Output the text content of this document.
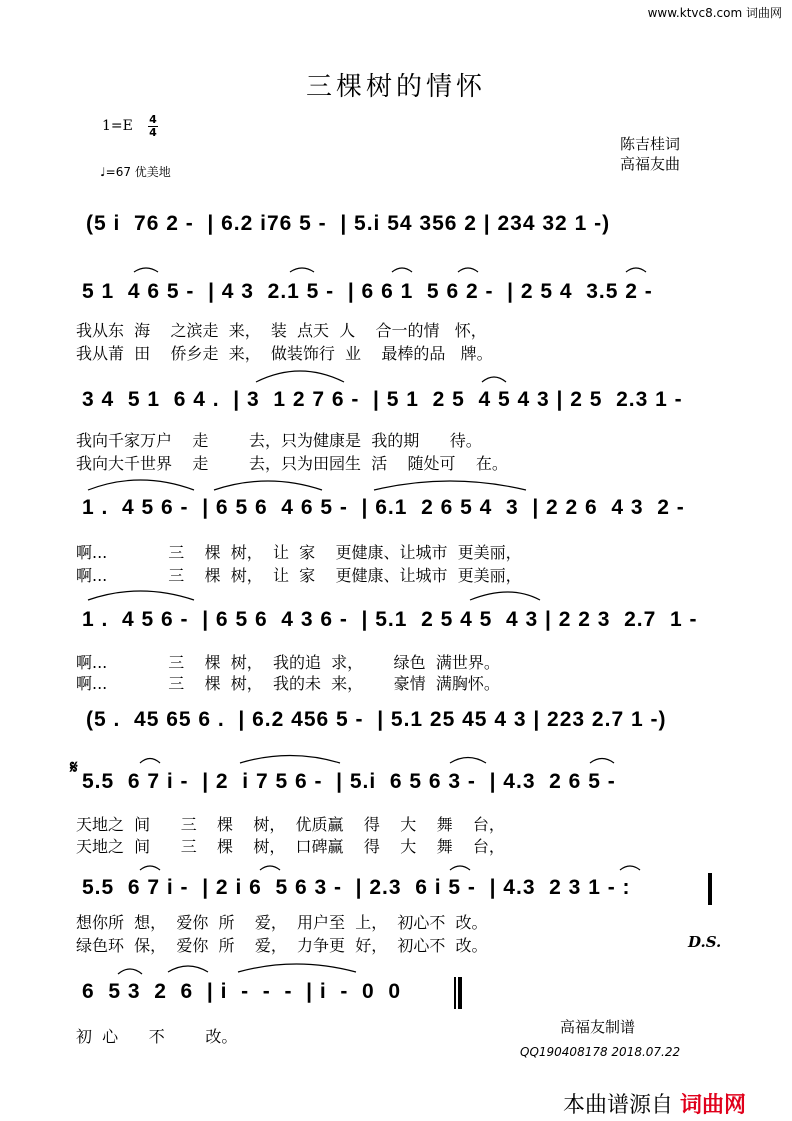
www.ktvc8.com 词曲网
三棵树的情怀
1=E 4
4
♩=67 优美地
陈吉桂词
高福友曲
(5 i  76 2 -  | 6.2 i76 5 -  | 5.i 54 356 2 | 234 32 1 -)
5 1  4 6 5 -  | 4 3  2.1 5 -  | 6 6 1  5 6 2 -  | 2 5 4  3.5 2 -
我从东  海    之滨走  来，  装  点天  人    合一的情   怀，
我从莆  田    侨乡走  来，  做装饰行  业    最棒的品   牌。
3 4  5 1  6 4 .  | 3  1 2 7 6 -  | 5 1  2 5  4 5 4 3 | 2 5  2.3 1 -
我向千家万户    走        去，只为健康是  我的期      待。
我向大千世界    走        去，只为田园生  活    随处可    在。
1 .  4 5 6 -  | 6 5 6  4 6 5 -  | 6.1  2 6 5 4  3  | 2 2 6  4 3  2 -
啊...            三    棵  树，  让  家    更健康、让城市  更美丽，
啊...            三    棵  树，  让  家    更健康、让城市  更美丽，
1 .  4 5 6 -  | 6 5 6  4 3 6 -  | 5.1  2 5 4 5  4 3 | 2 2 3  2.7  1 -
啊...            三    棵  树，  我的追  求，      绿色  满世界。
啊...            三    棵  树，  我的未  来，      豪情  满胸怀。
(5 .  45 65 6 .  | 6.2 456 5 -  | 5.1 25 45 4 3 | 223 2.7 1 -)
𝄋
5.5  6 7 i -  | 2  i 7 5 6 -  | 5.i  6 5 6 3 -  | 4.3  2 6 5 -
天地之  间      三    棵    树，  优质赢    得    大    舞    台，
天地之  间      三    棵    树，  口碑赢    得    大    舞    台，
5.5  6 7 i -  | 2 i 6  5 6 3 -  | 2.3  6 i 5 -  | 4.3  2 3 1 - :
想你所  想，  爱你  所    爱，  用户至  上，  初心不  改。
绿色环  保，  爱你  所    爱，  力争更  好，  初心不  改。	D.S.
6  5 3  2  6  | i  -  -  -  | i  -  0  0
初  心      不        改。	高福友制谱
QQ190408178 2018.07.22
本曲谱源自 词曲网
